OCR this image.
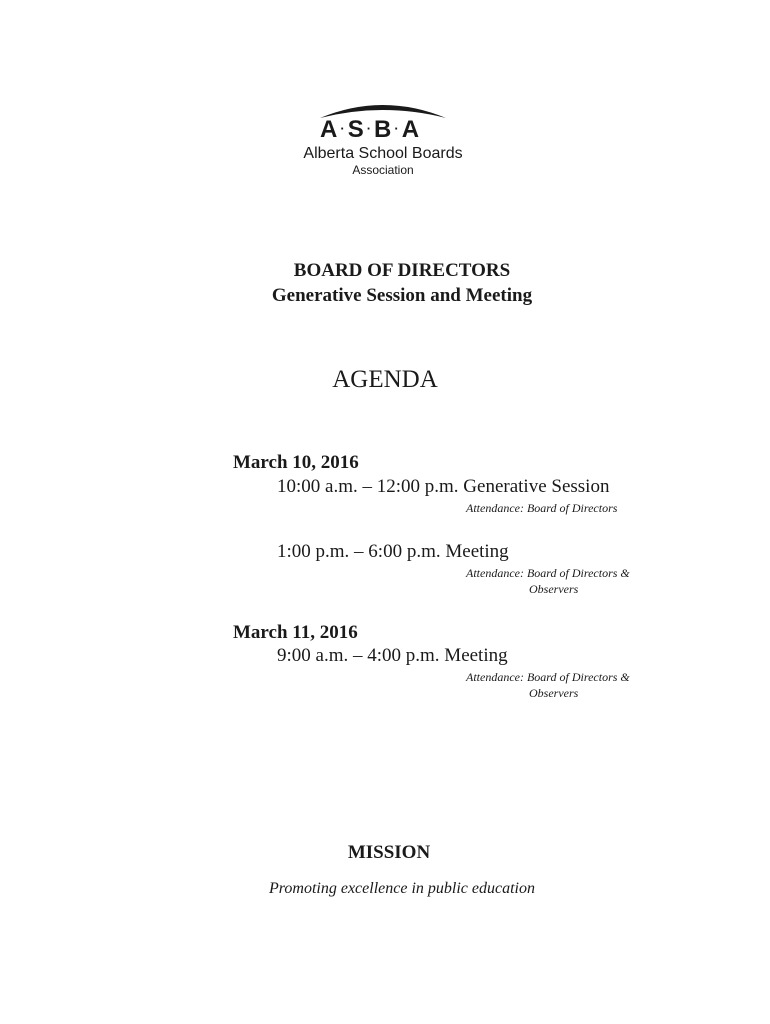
A ·S ·B ·A
Alberta School Boards
Association
BOARD OF DIRECTORS
Generative Session and Meeting
AGENDA
March 10, 2016
10:00 a.m. – 12:00 p.m. Generative Session
Attendance: Board of Directors
1:00 p.m. – 6:00 p.m. Meeting
Attendance: Board of Directors &
Observers
March 11, 2016
9:00 a.m. – 4:00 p.m. Meeting
Attendance: Board of Directors &
Observers
MISSION
Promoting excellence in public education
